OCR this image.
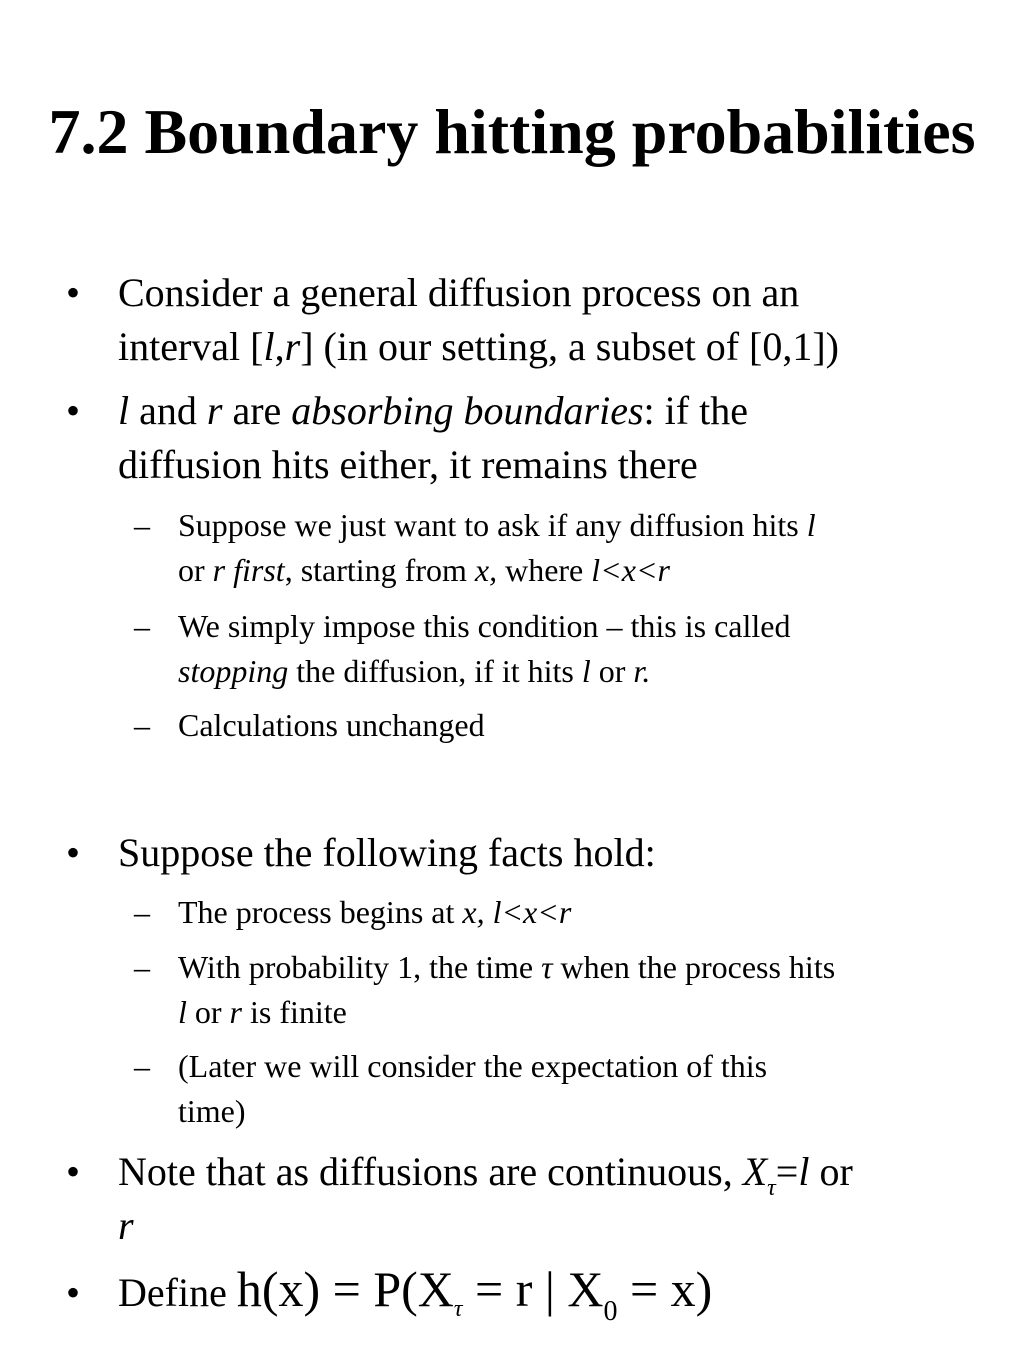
7.2 Boundary hitting probabilities
• Consider a general diffusion process on an
interval [l,r] (in our setting, a subset of [0,1])
• l and r are absorbing boundaries: if the
diffusion hits either, it remains there
– Suppose we just want to ask if any diffusion hits l
or r first, starting from x, where l<x<r
– We simply impose this condition – this is called
stopping the diffusion, if it hits l or r.
– Calculations unchanged
• Suppose the following facts hold:
– The process begins at x, l<x<r
– With probability 1, the time τ when the process hits
l or r is finite
– (Later we will consider the expectation of this
time)
• Note that as diffusions are continuous, $X_\tau=l$ or
r
• Define $h(x) = P(X_\tau = r$ | $X_0 = x$)
